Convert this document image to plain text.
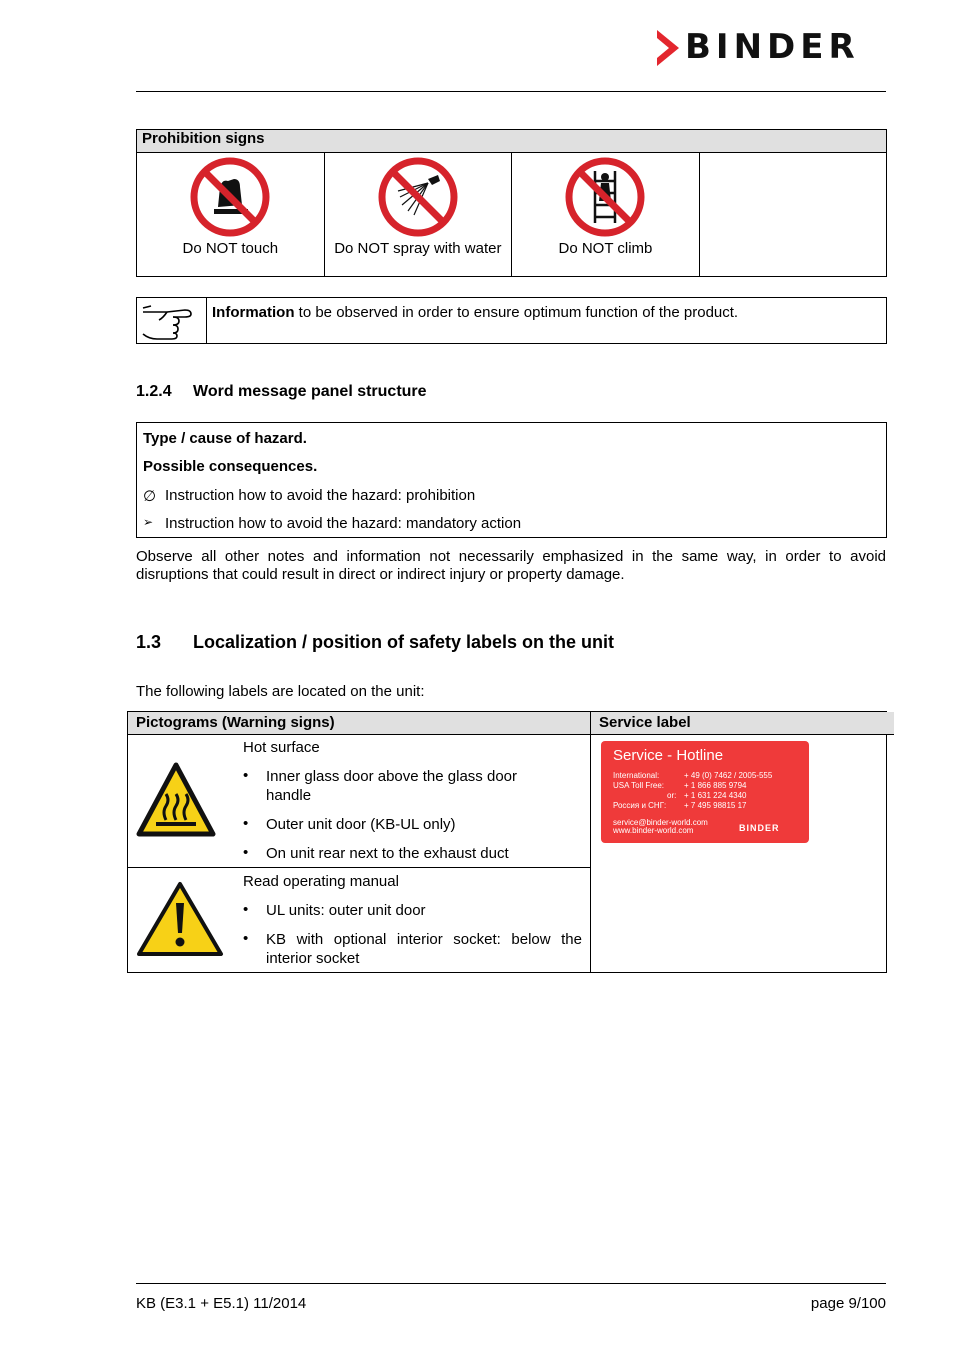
BINDER
Prohibition signs

Do NOT touch	Do NOT spray with water	Do NOT climb

Information to be observed in order to ensure optimum function of the product.
1.2.4 Word message panel structure
Type / cause of hazard.
Possible consequences.
∅ Instruction how to avoid the hazard: prohibition
➢ Instruction how to avoid the hazard: mandatory action
Observe all other notes and information not necessarily emphasized in the same way, in order to avoid disruptions that could result in direct or indirect injury or property damage.
1.3 Localization / position of safety labels on the unit
The following labels are located on the unit:
Pictograms (Warning signs)	Service label
Hot surface
• Inner glass door above the glass door handle
• Outer unit door (KB-UL only)
• On unit rear next to the exhaust duct
Read operating manual
• UL units: outer unit door
• KB with optional interior socket: below the interior socket
Service - Hotline
International:	+ 49 (0) 7462 / 2005-555
USA Toll Free:	+ 1 866 885 9794
or: + 1 631 224 4340
Россия и СНГ: + 7 495 98815 17
service@binder-world.com
www.binder-world.com	BINDER
KB (E3.1 + E5.1) 11/2014	page 9/100
